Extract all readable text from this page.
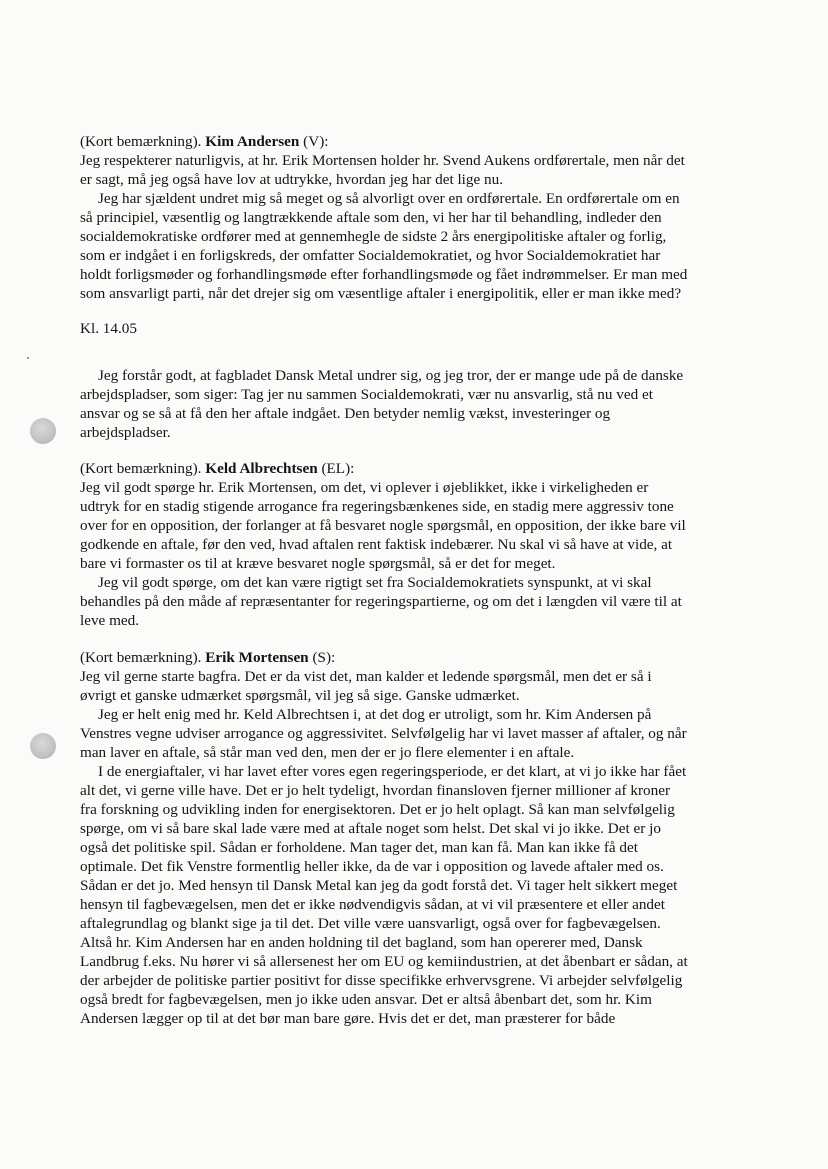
(Kort bemærkning). Kim Andersen (V):
Jeg respekterer naturligvis, at hr. Erik Mortensen holder hr. Svend Aukens ordførertale, men når det
er sagt, må jeg også have lov at udtrykke, hvordan jeg har det lige nu.
Jeg har sjældent undret mig så meget og så alvorligt over en ordførertale. En ordførertale om en
så principiel, væsentlig og langtrækkende aftale som den, vi her har til behandling, indleder den
socialdemokratiske ordfører med at gennemhegle de sidste 2 års energipolitiske aftaler og forlig,
som er indgået i en forligskreds, der omfatter Socialdemokratiet, og hvor Socialdemokratiet har
holdt forligsmøder og forhandlingsmøde efter forhandlingsmøde og fået indrømmelser. Er man med
som ansvarligt parti, når det drejer sig om væsentlige aftaler i energipolitik, eller er man ikke med?
Kl. 14.05
Jeg forstår godt, at fagbladet Dansk Metal undrer sig, og jeg tror, der er mange ude på de danske
arbejdspladser, som siger: Tag jer nu sammen Socialdemokrati, vær nu ansvarlig, stå nu ved et
ansvar og se så at få den her aftale indgået. Den betyder nemlig vækst, investeringer og
arbejdspladser.
(Kort bemærkning). Keld Albrechtsen (EL):
Jeg vil godt spørge hr. Erik Mortensen, om det, vi oplever i øjeblikket, ikke i virkeligheden er
udtryk for en stadig stigende arrogance fra regeringsbænkenes side, en stadig mere aggressiv tone
over for en opposition, der forlanger at få besvaret nogle spørgsmål, en opposition, der ikke bare vil
godkende en aftale, før den ved, hvad aftalen rent faktisk indebærer. Nu skal vi så have at vide, at
bare vi formaster os til at kræve besvaret nogle spørgsmål, så er det for meget.
Jeg vil godt spørge, om det kan være rigtigt set fra Socialdemokratiets synspunkt, at vi skal
behandles på den måde af repræsentanter for regeringspartierne, og om det i længden vil være til at
leve med.
(Kort bemærkning). Erik Mortensen (S):
Jeg vil gerne starte bagfra. Det er da vist det, man kalder et ledende spørgsmål, men det er så i
øvrigt et ganske udmærket spørgsmål, vil jeg så sige. Ganske udmærket.
Jeg er helt enig med hr. Keld Albrechtsen i, at det dog er utroligt, som hr. Kim Andersen på
Venstres vegne udviser arrogance og aggressivitet. Selvfølgelig har vi lavet masser af aftaler, og når
man laver en aftale, så står man ved den, men der er jo flere elementer i en aftale.
I de energiaftaler, vi har lavet efter vores egen regeringsperiode, er det klart, at vi jo ikke har fået
alt det, vi gerne ville have. Det er jo helt tydeligt, hvordan finansloven fjerner millioner af kroner
fra forskning og udvikling inden for energisektoren. Det er jo helt oplagt. Så kan man selvfølgelig
spørge, om vi så bare skal lade være med at aftale noget som helst. Det skal vi jo ikke. Det er jo
også det politiske spil. Sådan er forholdene. Man tager det, man kan få. Man kan ikke få det
optimale. Det fik Venstre formentlig heller ikke, da de var i opposition og lavede aftaler med os.
Sådan er det jo. Med hensyn til Dansk Metal kan jeg da godt forstå det. Vi tager helt sikkert meget
hensyn til fagbevægelsen, men det er ikke nødvendigvis sådan, at vi vil præsentere et eller andet
aftalegrundlag og blankt sige ja til det. Det ville være uansvarligt, også over for fagbevægelsen.
Altså hr. Kim Andersen har en anden holdning til det bagland, som han opererer med, Dansk
Landbrug f.eks. Nu hører vi så allersenest her om EU og kemiindustrien, at det åbenbart er sådan, at
der arbejder de politiske partier positivt for disse specifikke erhvervsgrene. Vi arbejder selvfølgelig
også bredt for fagbevægelsen, men jo ikke uden ansvar. Det er altså åbenbart det, som hr. Kim
Andersen lægger op til at det bør man bare gøre. Hvis det er det, man præsterer for både
